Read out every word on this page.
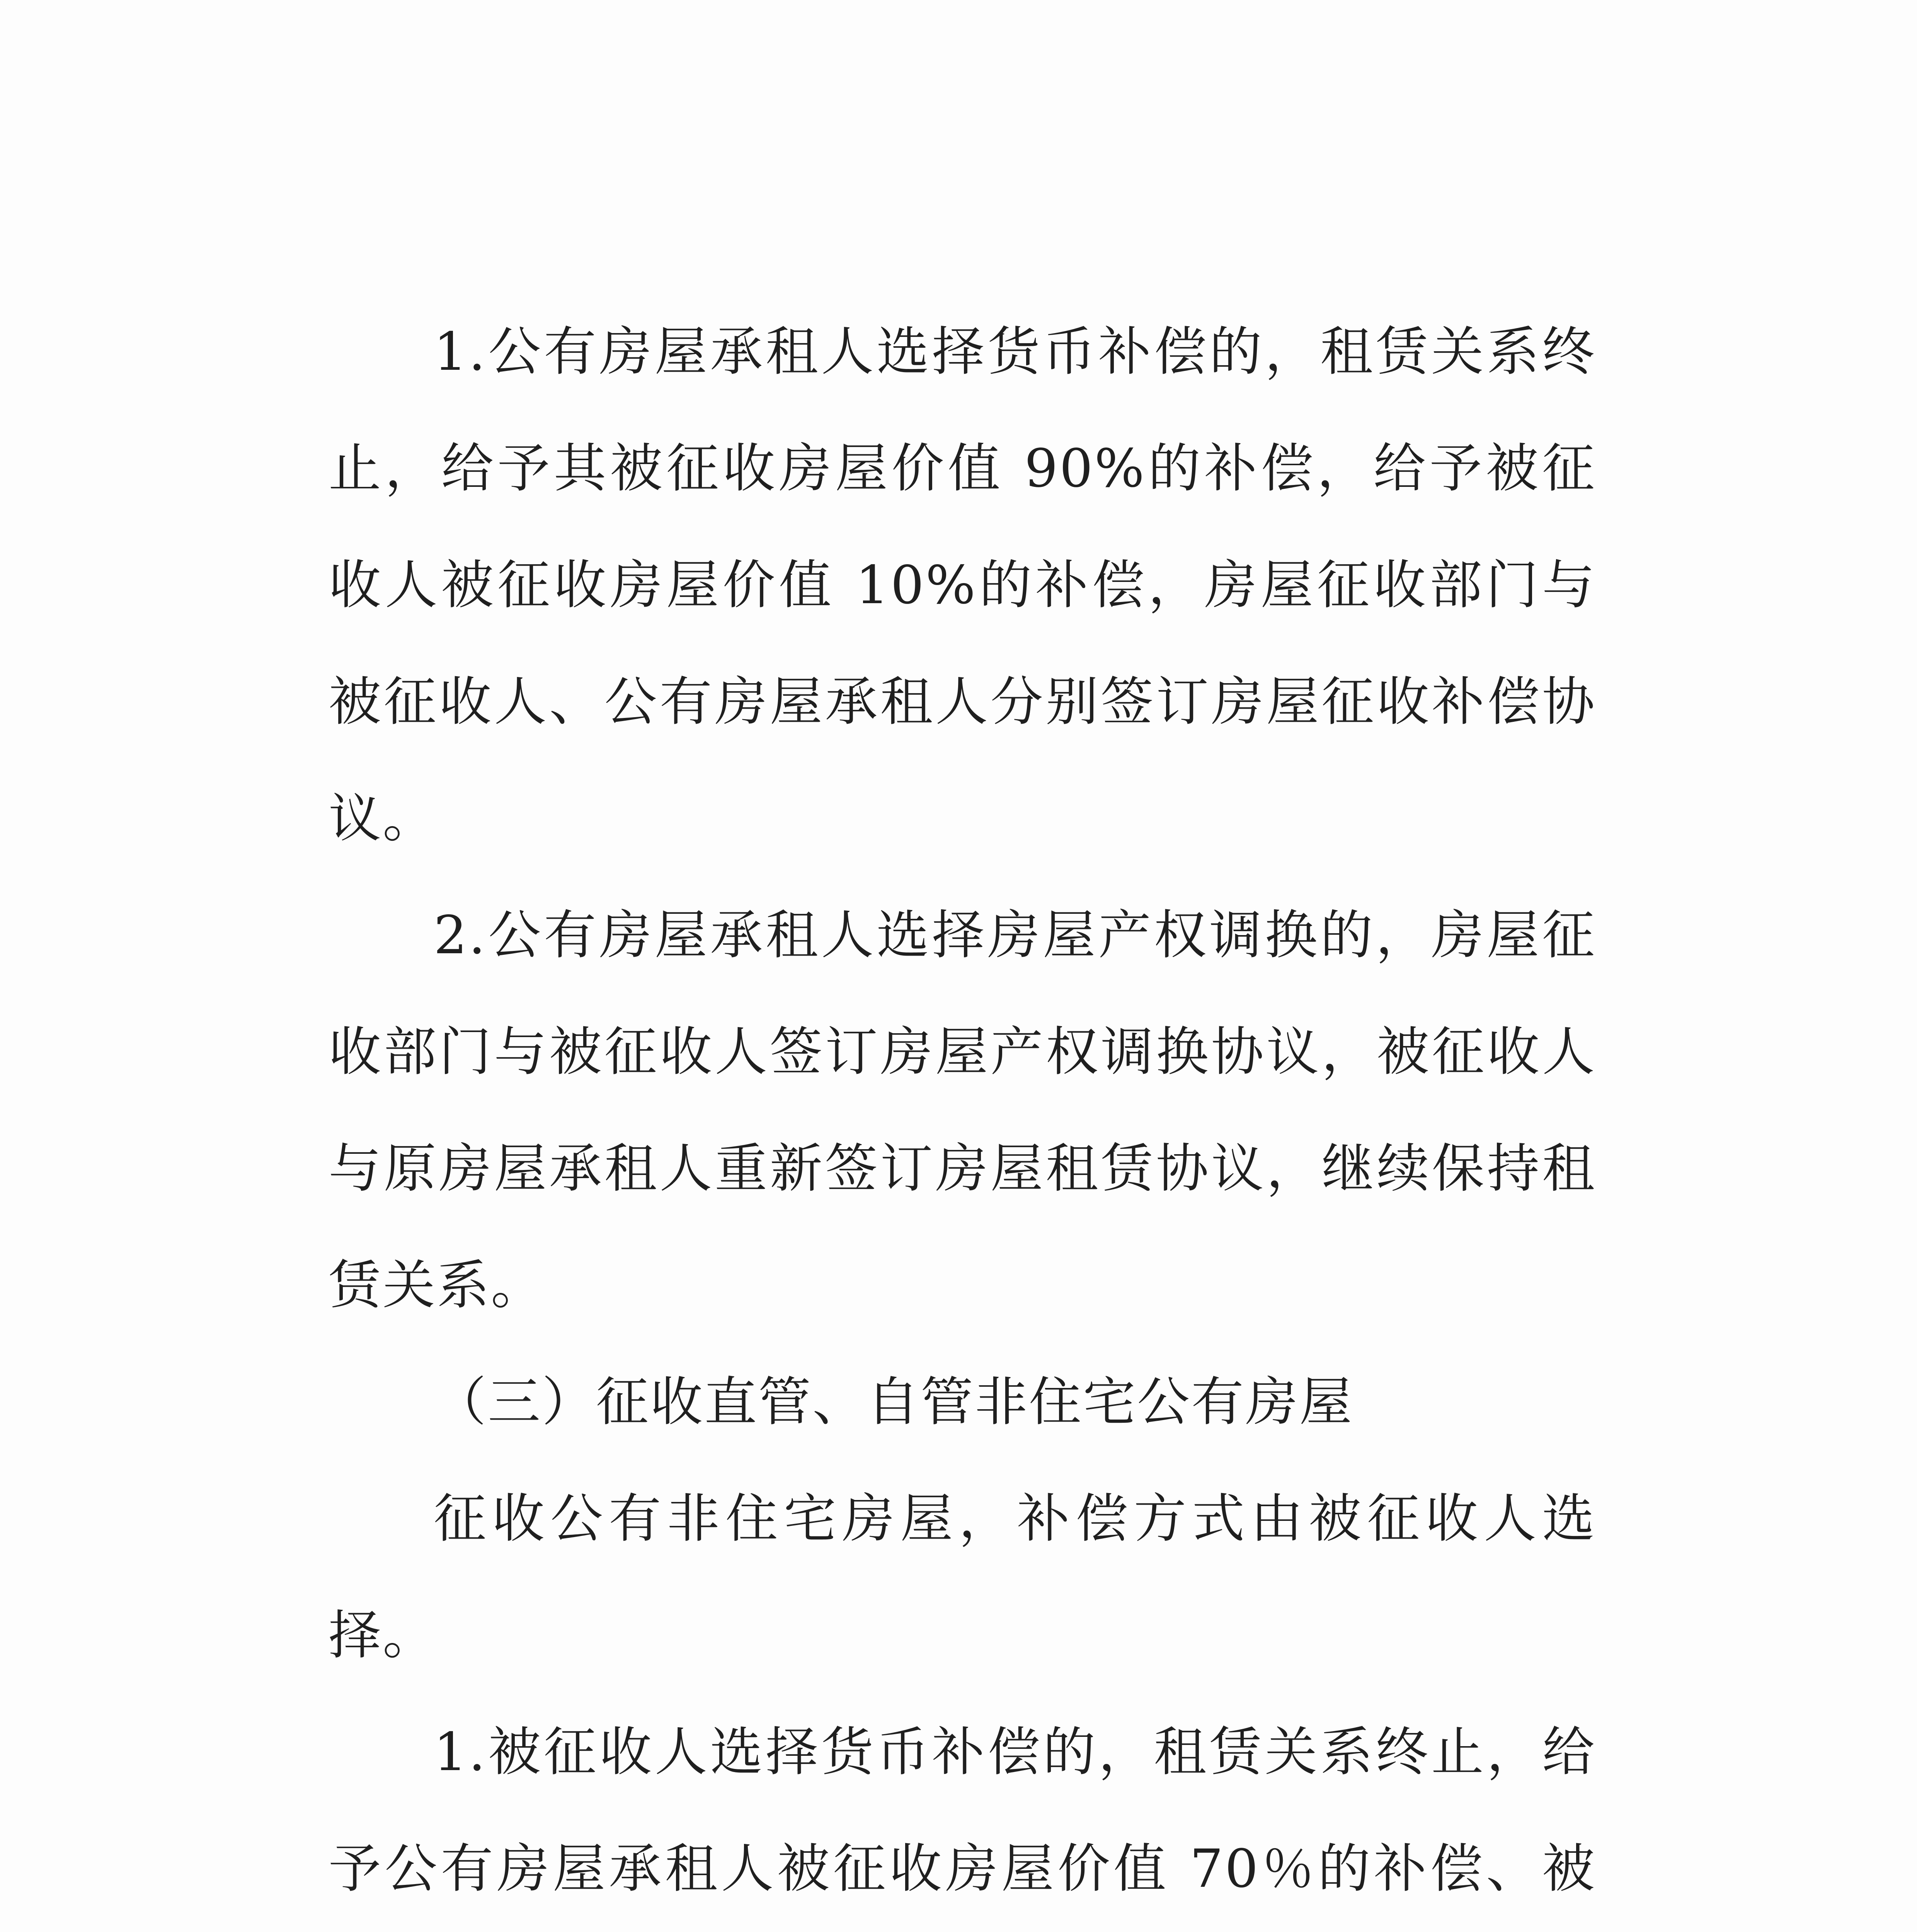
1.公有房屋承租人选择货币补偿的，租赁关系终止，给予其被征收房屋价值 90%的补偿，给予被征收人被征收房屋价值 10%的补偿，房屋征收部门与被征收人、公有房屋承租人分别签订房屋征收补偿协议。

2.公有房屋承租人选择房屋产权调换的，房屋征收部门与被征收人签订房屋产权调换协议，被征收人与原房屋承租人重新签订房屋租赁协议，继续保持租赁关系。

（三）征收直管、自管非住宅公有房屋

征收公有非住宅房屋，补偿方式由被征收人选择。

1.被征收人选择货币补偿的，租赁关系终止，给予公有房屋承租人被征收房屋价值 70％的补偿、被
